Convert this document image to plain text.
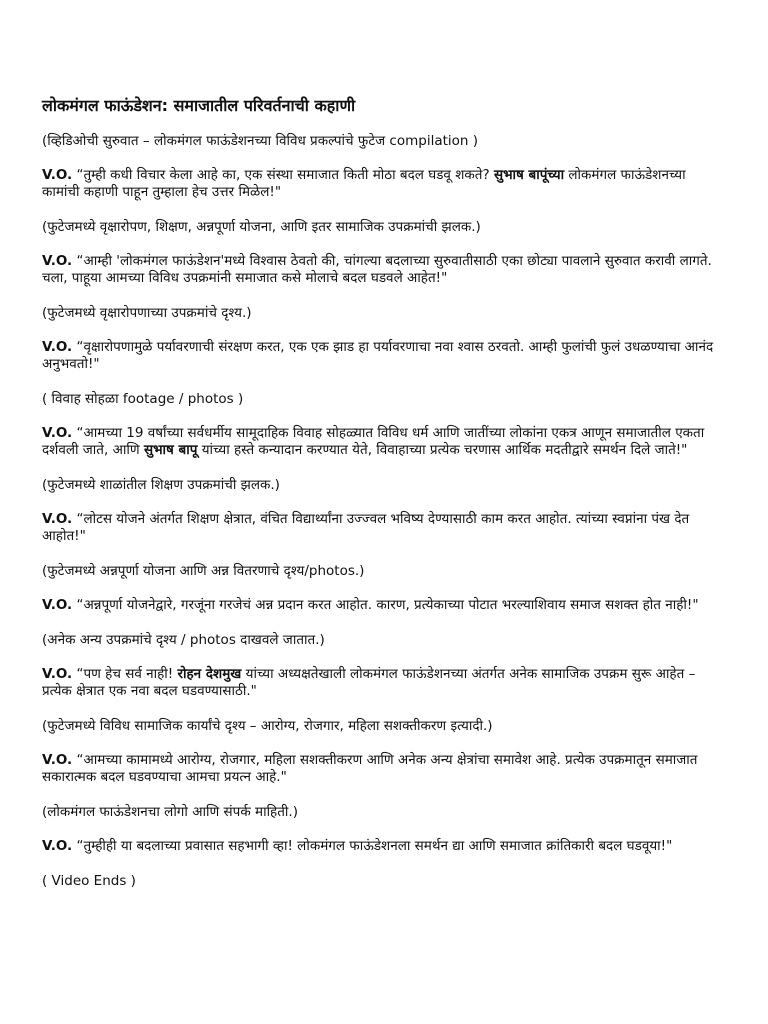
लोकमंगल फाऊंडेशन: समाजातील परिवर्तनाची कहाणी
(व्हिडिओची सुरुवात – लोकमंगल फाऊंडेशनच्या विविध प्रकल्पांचे फुटेज compilation )
V.O. “तुम्ही कधी विचार केला आहे का, एक संस्था समाजात किती मोठा बदल घडवू शकते? सुभाष बापूंच्या लोकमंगल फाऊंडेशनच्या कामांची कहाणी पाहून तुम्हाला हेच उत्तर मिळेल!"
(फुटेजमध्ये वृक्षारोपण, शिक्षण, अन्नपूर्णा योजना, आणि इतर सामाजिक उपक्रमांची झलक.)
V.O. “आम्ही 'लोकमंगल फाऊंडेशन'मध्ये विश्वास ठेवतो की, चांगल्या बदलाच्या सुरुवातीसाठी एका छोट्या पावलाने सुरुवात करावी लागते. चला, पाहूया आमच्या विविध उपक्रमांनी समाजात कसे मोलाचे बदल घडवले आहेत!"
(फुटेजमध्ये वृक्षारोपणाच्या उपक्रमांचे दृश्य.)
V.O. “वृक्षारोपणामुळे पर्यावरणाची संरक्षण करत, एक एक झाड हा पर्यावरणाचा नवा श्वास ठरवतो. आम्ही फुलांची फुलं उधळण्याचा आनंद अनुभवतो!"
( विवाह सोहळा footage / photos )
V.O. “आमच्या 19 वर्षांच्या सर्वधर्मीय सामूदाहिक विवाह सोहळ्यात विविध धर्म आणि जातींच्या लोकांना एकत्र आणून समाजातील एकता दर्शवली जाते, आणि सुभाष बापू यांच्या हस्ते कन्यादान करण्यात येते, विवाहाच्या प्रत्येक चरणास आर्थिक मदतीद्वारे समर्थन दिले जाते!"
(फुटेजमध्ये शाळांतील शिक्षण उपक्रमांची झलक.)
V.O. “लोटस योजने अंतर्गत शिक्षण क्षेत्रात, वंचित विद्यार्थ्यांना उज्ज्वल भविष्य देण्यासाठी काम करत आहोत. त्यांच्या स्वप्नांना पंख देत आहोत!"
(फुटेजमध्ये अन्नपूर्णा योजना आणि अन्न वितरणाचे दृश्य/photos.)
V.O. “अन्नपूर्णा योजनेद्वारे, गरजूंना गरजेचं अन्न प्रदान करत आहोत. कारण, प्रत्येकाच्या पोटात भरल्याशिवाय समाज सशक्त होत नाही!"
(अनेक अन्य उपक्रमांचे दृश्य / photos दाखवले जातात.)
V.O. “पण हेच सर्व नाही! रोहन देशमुख यांच्या अध्यक्षतेखाली लोकमंगल फाऊंडेशनच्या अंतर्गत अनेक सामाजिक उपक्रम सुरू आहेत – प्रत्येक क्षेत्रात एक नवा बदल घडवण्यासाठी."
(फुटेजमध्ये विविध सामाजिक कार्यांचे दृश्य – आरोग्य, रोजगार, महिला सशक्तीकरण इत्यादी.)
V.O. “आमच्या कामामध्ये आरोग्य, रोजगार, महिला सशक्तीकरण आणि अनेक अन्य क्षेत्रांचा समावेश आहे. प्रत्येक उपक्रमातून समाजात सकारात्मक बदल घडवण्याचा आमचा प्रयत्न आहे."
(लोकमंगल फाऊंडेशनचा लोगो आणि संपर्क माहिती.)
V.O. “तुम्हीही या बदलाच्या प्रवासात सहभागी व्हा! लोकमंगल फाऊंडेशनला समर्थन द्या आणि समाजात क्रांतिकारी बदल घडवूया!"
( Video Ends )
